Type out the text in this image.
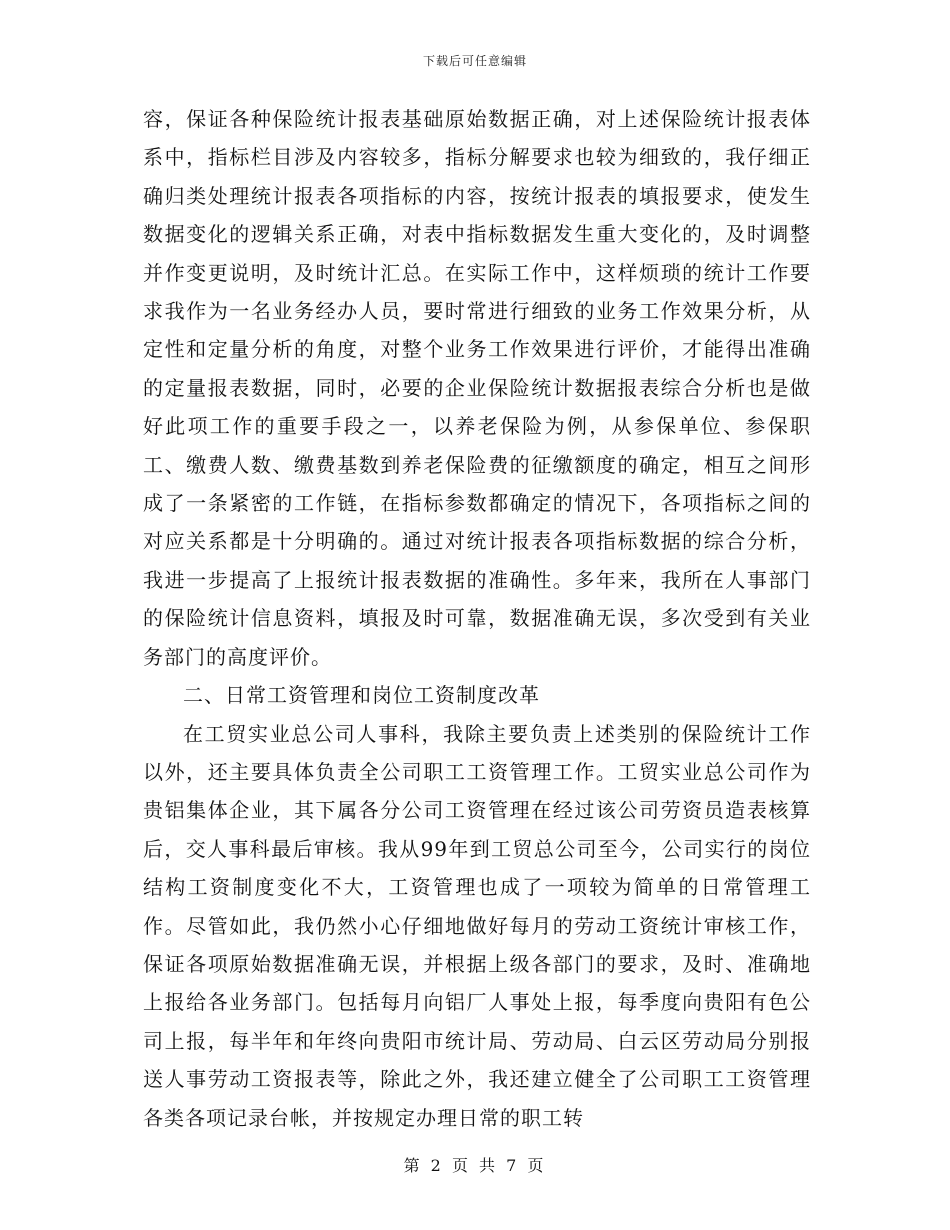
下载后可任意编辑

容，保证各种保险统计报表基础原始数据正确，对上述保险统计报表体系中，指标栏目涉及内容较多，指标分解要求也较为细致的，我仔细正确归类处理统计报表各项指标的内容，按统计报表的填报要求，使发生数据变化的逻辑关系正确，对表中指标数据发生重大变化的，及时调整并作变更说明，及时统计汇总。在实际工作中，这样烦琐的统计工作要求我作为一名业务经办人员，要时常进行细致的业务工作效果分析，从定性和定量分析的角度，对整个业务工作效果进行评价，才能得出准确的定量报表数据，同时，必要的企业保险统计数据报表综合分析也是做好此项工作的重要手段之一，以养老保险为例，从参保单位、参保职工、缴费人数、缴费基数到养老保险费的征缴额度的确定，相互之间形成了一条紧密的工作链，在指标参数都确定的情况下，各项指标之间的对应关系都是十分明确的。通过对统计报表各项指标数据的综合分析，我进一步提高了上报统计报表数据的准确性。多年来，我所在人事部门的保险统计信息资料，填报及时可靠，数据准确无误，多次受到有关业务部门的高度评价。

二、日常工资管理和岗位工资制度改革

在工贸实业总公司人事科，我除主要负责上述类别的保险统计工作以外，还主要具体负责全公司职工工资管理工作。工贸实业总公司作为贵铝集体企业，其下属各分公司工资管理在经过该公司劳资员造表核算后，交人事科最后审核。我从99年到工贸总公司至今，公司实行的岗位结构工资制度变化不大，工资管理也成了一项较为简单的日常管理工作。尽管如此，我仍然小心仔细地做好每月的劳动工资统计审核工作，保证各项原始数据准确无误，并根据上级各部门的要求，及时、准确地上报给各业务部门。包括每月向铝厂人事处上报，每季度向贵阳有色公司上报，每半年和年终向贵阳市统计局、劳动局、白云区劳动局分别报送人事劳动工资报表等，除此之外，我还建立健全了公司职工工资管理各类各项记录台帐，并按规定办理日常的职工转

第 2 页 共 7 页
